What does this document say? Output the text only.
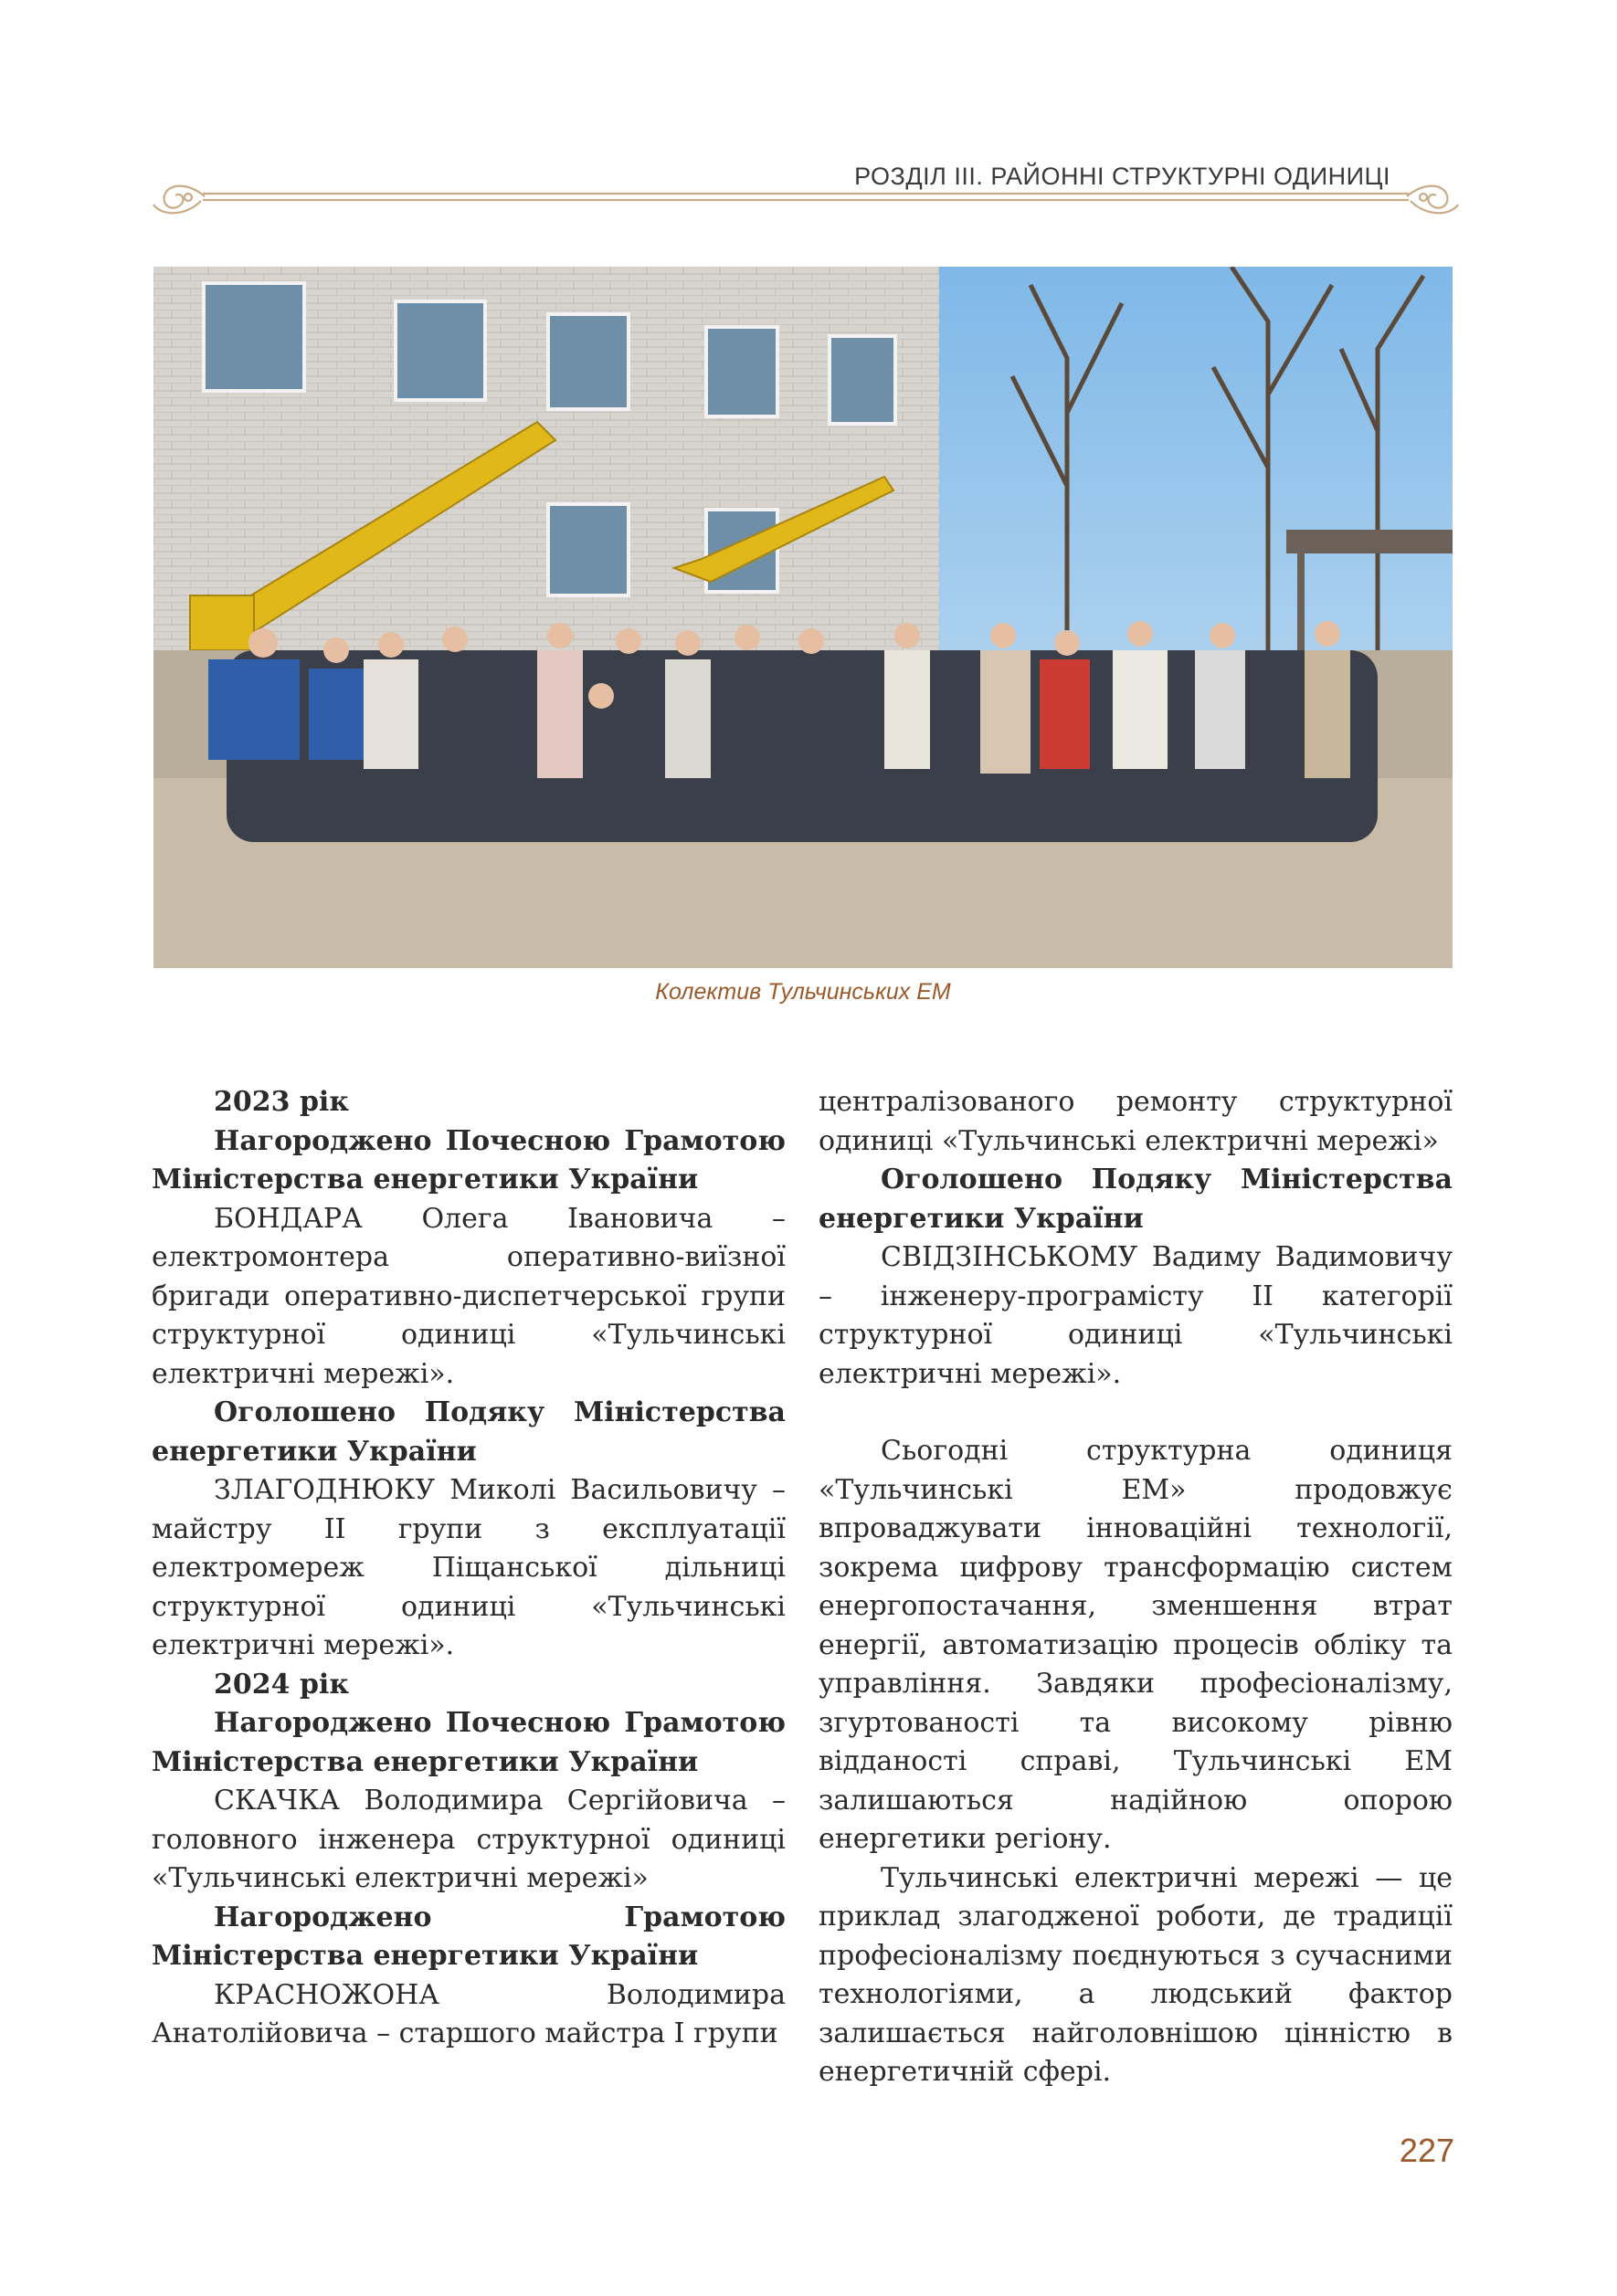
РОЗДІЛ ІІІ. РАЙОННІ СТРУКТУРНІ ОДИНИЦІ
Колектив Тульчинських ЕМ

2023 рік

Нагороджено Почесною Грамотою Міністерства енергетики України

БОНДАРА Олега Івановича – електромонтера оперативно-виїзної бригади оперативно-диспетчерської групи структурної одиниці «Тульчинські електричні мережі».

Оголошено Подяку Міністерства енергетики України

ЗЛАГОДНЮКУ Миколі Васильовичу – майстру ІІ групи з експлуатації електромереж Піщанської дільниці структурної одиниці «Тульчинські електричні мережі».

2024 рік

Нагороджено Почесною Грамотою Міністерства енергетики України

СКАЧКА Володимира Сергійовича – головного інженера структурної одиниці «Тульчинські електричні мережі»

Нагороджено Грамотою Міністерства енергетики України

КРАСНОЖОНА Володимира Анатолійовича – старшого майстра І групи

централізованого ремонту структурної одиниці «Тульчинські електричні мережі»

Оголошено Подяку Міністерства енергетики України

СВІДЗІНСЬКОМУ Вадиму Вадимовичу – інженеру-програмісту ІІ категорії структурної одиниці «Тульчинські електричні мережі».

Сьогодні структурна одиниця «Тульчинські ЕМ» продовжує впроваджувати інноваційні технології, зокрема цифрову трансформацію систем енергопостачання, зменшення втрат енергії, автоматизацію процесів обліку та управління. Завдяки професіоналізму, згуртованості та високому рівню відданості справі, Тульчинські ЕМ залишаються надійною опорою енергетики регіону.

Тульчинські електричні мережі — це приклад злагодженої роботи, де традиції професіоналізму поєднуються з сучасними технологіями, а людський фактор залишається найголовнішою цінністю в енергетичній сфері.

227
